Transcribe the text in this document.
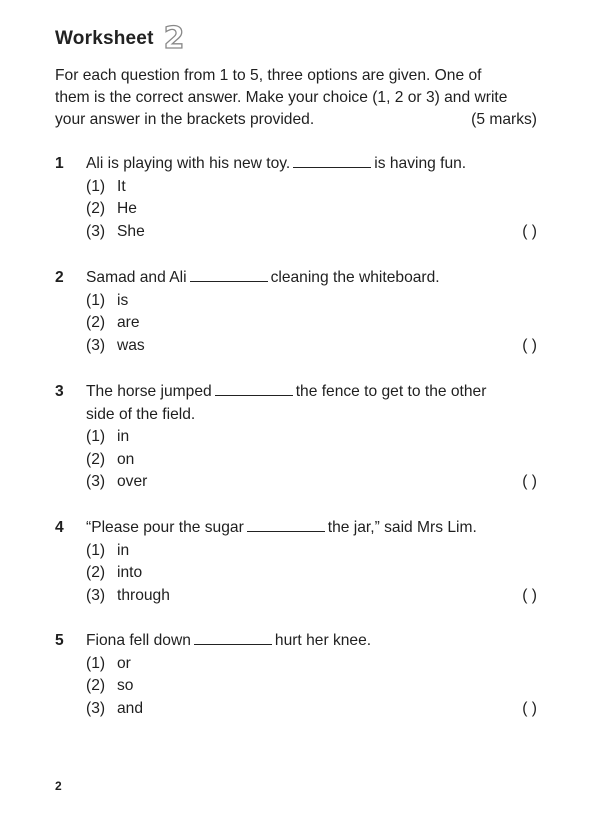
Worksheet 2
For each question from 1 to 5, three options are given. One of
them is the correct answer. Make your choice (1, 2 or 3) and write
your answer in the brackets provided.	(5 marks)
1 Ali is playing with his new toy.	is having fun.
(1) It
(2) He
(3) She	( )
2 Samad and Ali	cleaning the whiteboard.
(1) is
(2) are
(3) was	( )
3 The horse jumped	the fence to get to the other
side of the field.
(1) in
(2) on
(3) over	( )
4 “Please pour the sugar	the jar,” said Mrs Lim.
(1) in
(2) into
(3) through	( )
5 Fiona fell down	hurt her knee.
(1) or
(2) so
(3) and	( )
2
